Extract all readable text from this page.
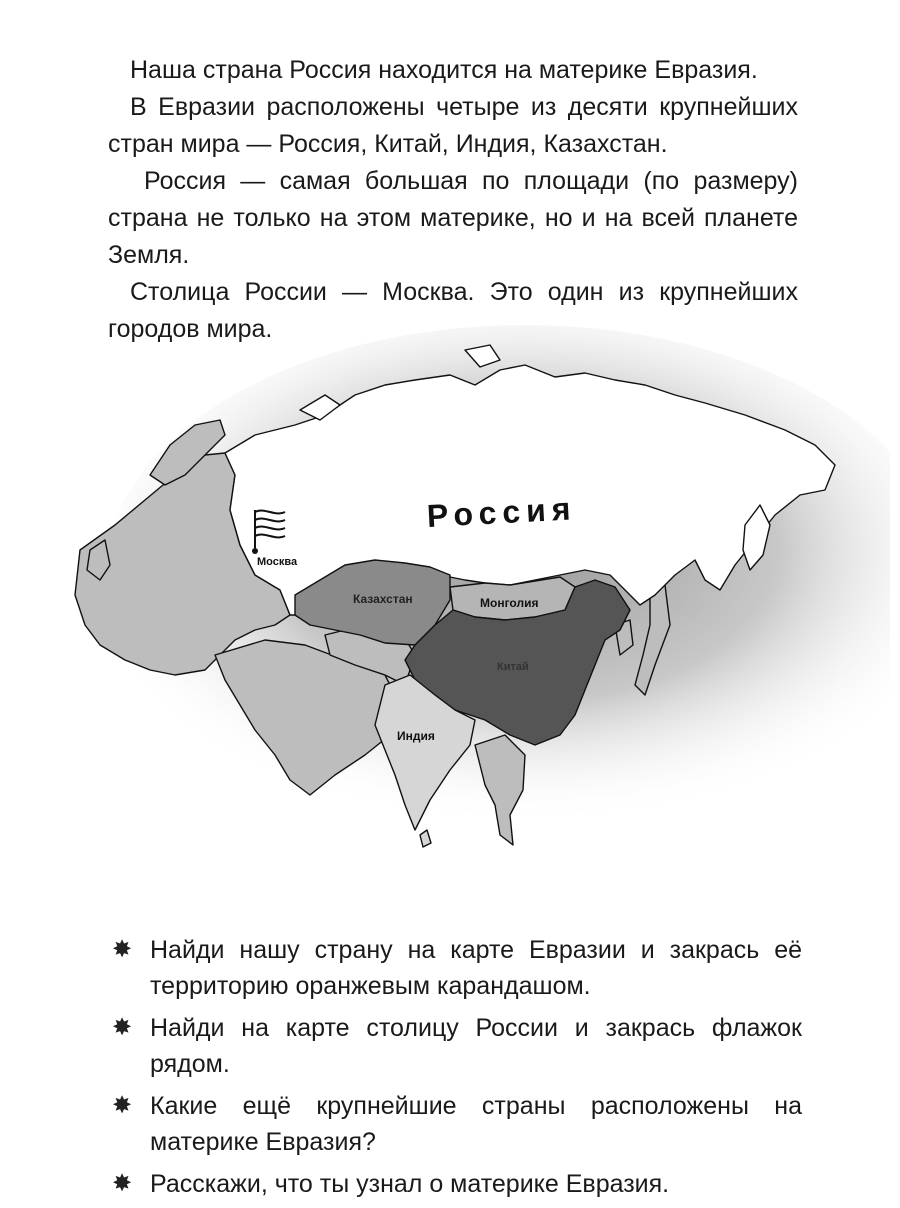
Наша страна Россия находится на материке Евразия.

В Евразии расположены четыре из десяти крупнейших стран мира — Россия, Китай, Индия, Казахстан.

Россия — самая большая по площади (по размеру) страна не только на этом материке, но и на всей планете Земля.

Столица России — Москва. Это один из крупнейших городов мира.

Россия
Москва
Казахстан	Монголия
Китай
Индия
✸ Найди нашу страну на карте Евразии и закрась её территорию оранжевым карандашом.
✸ Найди на карте столицу России и закрась флажок рядом.
✸ Какие ещё крупнейшие страны расположены на материке Евразия?
✸ Расскажи, что ты узнал о материке Евразия.
